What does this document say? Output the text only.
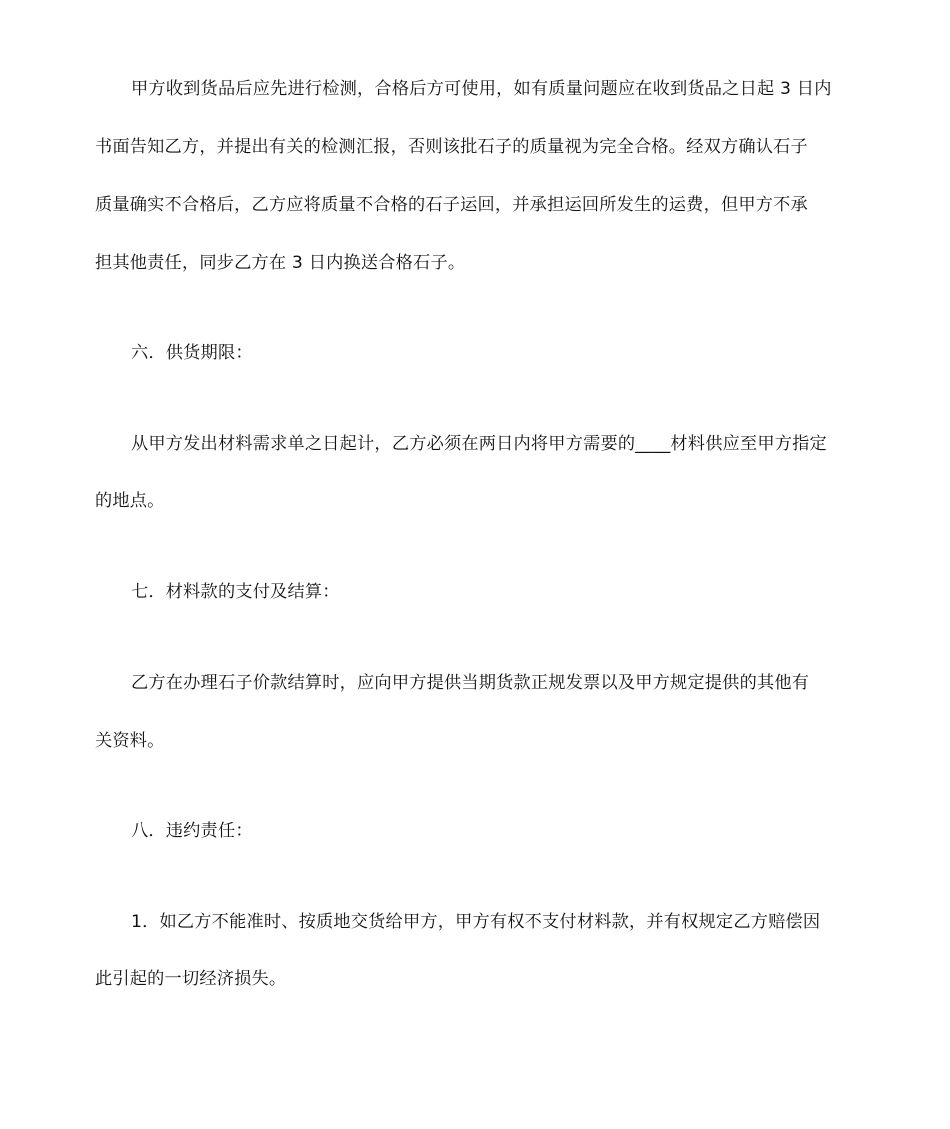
甲方收到货品后应先进行检测，合格后方可使用，如有质量问题应在收到货品之日起 3 日内
书面告知乙方，并提出有关的检测汇报，否则该批石子的质量视为完全合格。经双方确认石子
质量确实不合格后，乙方应将质量不合格的石子运回，并承担运回所发生的运费，但甲方不承
担其他责任，同步乙方在 3 日内换送合格石子。
六．供货期限：
从甲方发出材料需求单之日起计，乙方必须在两日内将甲方需要的____材料供应至甲方指定
的地点。
七．材料款的支付及结算：
乙方在办理石子价款结算时，应向甲方提供当期货款正规发票以及甲方规定提供的其他有
关资料。
八．违约责任：
1．如乙方不能准时、按质地交货给甲方，甲方有权不支付材料款，并有权规定乙方赔偿因
此引起的一切经济损失。
